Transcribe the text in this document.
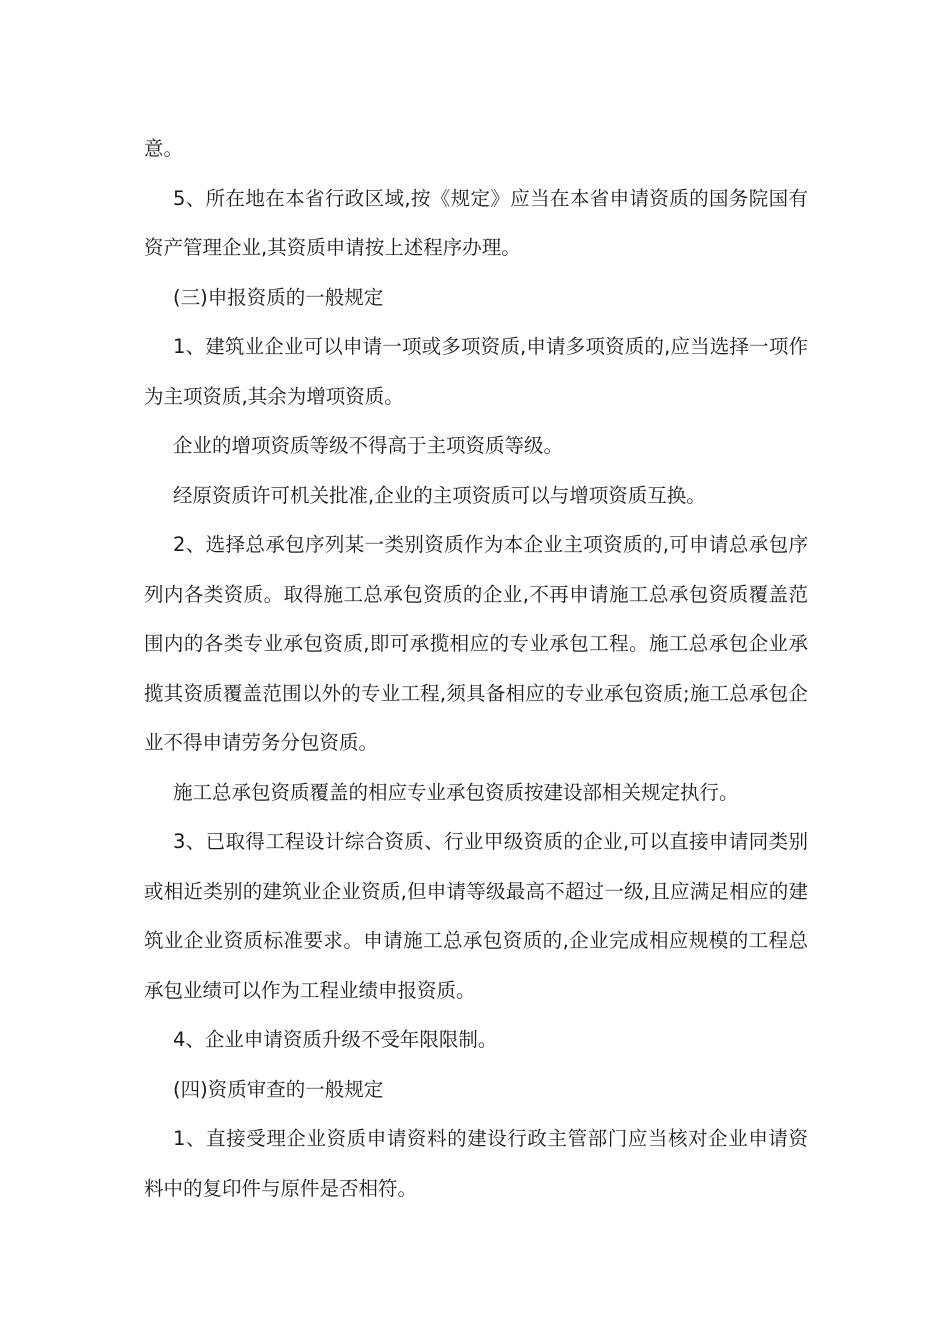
意。

5、所在地在本省行政区域,按《规定》应当在本省申请资质的国务院国有资产管理企业,其资质申请按上述程序办理。

(三)申报资质的一般规定

1、建筑业企业可以申请一项或多项资质,申请多项资质的,应当选择一项作为主项资质,其余为增项资质。

企业的增项资质等级不得高于主项资质等级。

经原资质许可机关批准,企业的主项资质可以与增项资质互换。

2、选择总承包序列某一类别资质作为本企业主项资质的,可申请总承包序列内各类资质。取得施工总承包资质的企业,不再申请施工总承包资质覆盖范围内的各类专业承包资质,即可承揽相应的专业承包工程。施工总承包企业承揽其资质覆盖范围以外的专业工程,须具备相应的专业承包资质;施工总承包企业不得申请劳务分包资质。

施工总承包资质覆盖的相应专业承包资质按建设部相关规定执行。

3、已取得工程设计综合资质、行业甲级资质的企业,可以直接申请同类别或相近类别的建筑业企业资质,但申请等级最高不超过一级,且应满足相应的建筑业企业资质标准要求。申请施工总承包资质的,企业完成相应规模的工程总承包业绩可以作为工程业绩申报资质。

4、企业申请资质升级不受年限限制。

(四)资质审查的一般规定

1、直接受理企业资质申请资料的建设行政主管部门应当核对企业申请资料中的复印件与原件是否相符。
